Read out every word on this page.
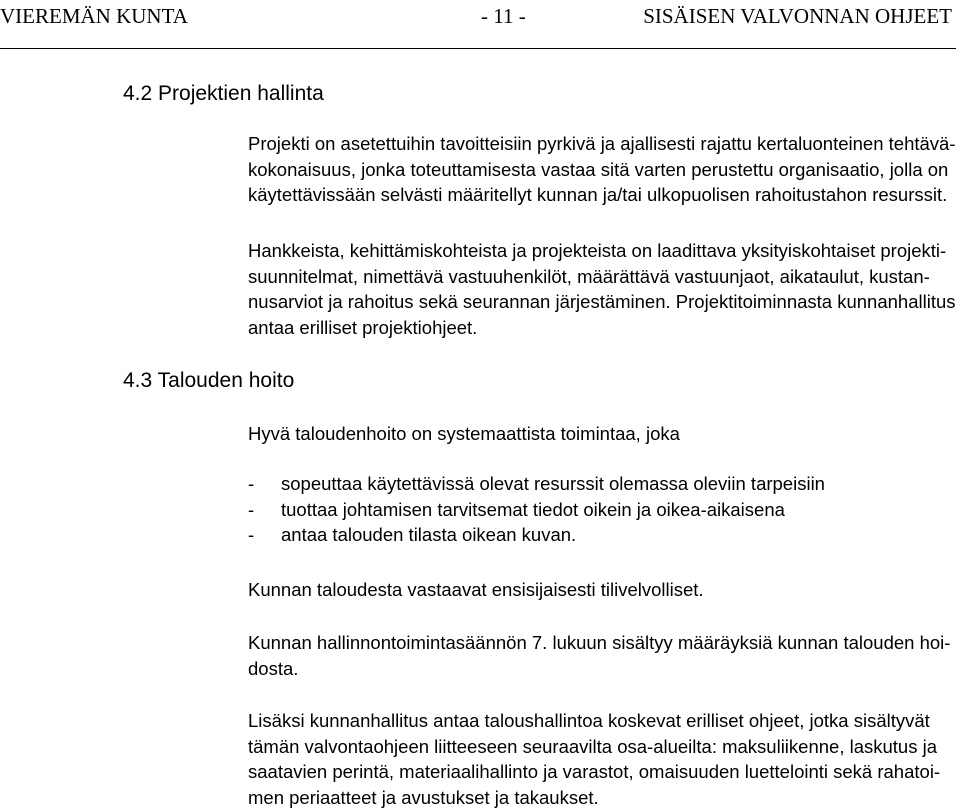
VIEREMÄN KUNTA	- 11 -	SISÄISEN VALVONNAN OHJEET
4.2 Projektien hallinta
Projekti on asetettuihin tavoitteisiin pyrkivä ja ajallisesti rajattu kertaluonteinen tehtävä-
kokonaisuus, jonka toteuttamisesta vastaa sitä varten perustettu organisaatio, jolla on
käytettävissään selvästi määritellyt kunnan ja/tai ulkopuolisen rahoitustahon resurssit.
Hankkeista, kehittämiskohteista ja projekteista on laadittava yksityiskohtaiset projekti-
suunnitelmat, nimettävä vastuuhenkilöt, määrättävä vastuunjaot, aikataulut, kustan-
nusarviot ja rahoitus sekä seurannan järjestäminen. Projektitoiminnasta kunnanhallitus
antaa erilliset projektiohjeet.
4.3 Talouden hoito
Hyvä taloudenhoito on systemaattista toimintaa, joka
-	sopeuttaa käytettävissä olevat resurssit olemassa oleviin tarpeisiin
-	tuottaa johtamisen tarvitsemat tiedot oikein ja oikea-aikaisena
-	antaa talouden tilasta oikean kuvan.
Kunnan taloudesta vastaavat ensisijaisesti tilivelvolliset.
Kunnan hallinnontoimintasäännön 7. lukuun sisältyy määräyksiä kunnan talouden hoi-
dosta.
Lisäksi kunnanhallitus antaa taloushallintoa koskevat erilliset ohjeet, jotka sisältyvät
tämän valvontaohjeen liitteeseen seuraavilta osa-alueilta: maksuliikenne, laskutus ja
saatavien perintä, materiaalihallinto ja varastot, omaisuuden luettelointi sekä rahatoi-
men periaatteet ja avustukset ja takaukset.
